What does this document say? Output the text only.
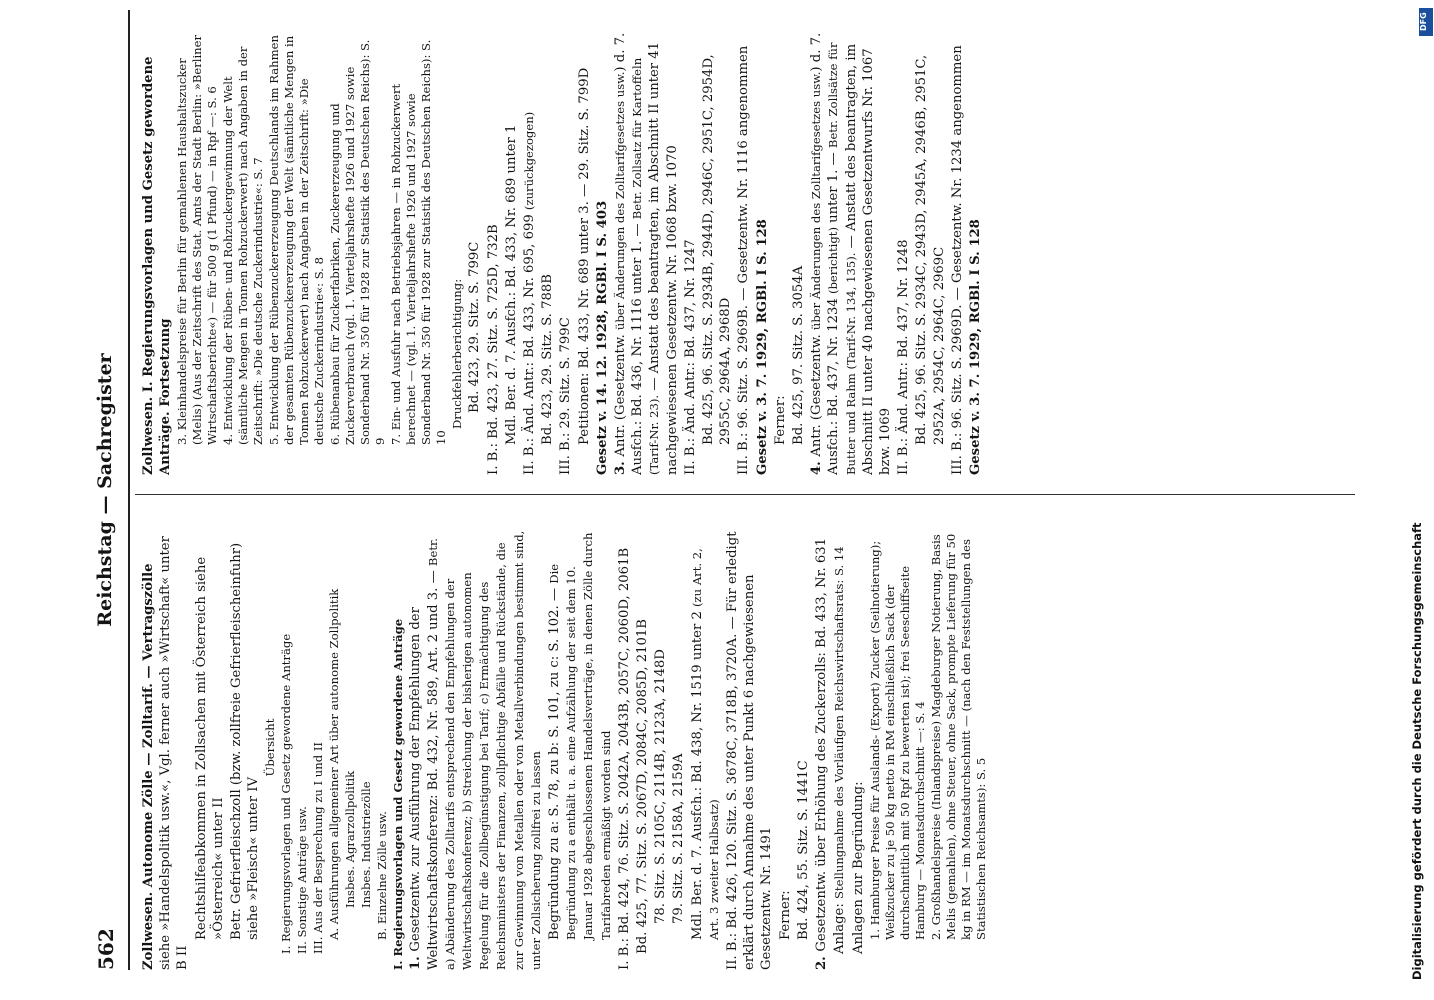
562
Reichstag — Sachregister

Zollwesen. Autonome Zölle — Zolltarif. — Vertragszölle siehe »Handelspolitik usw.«, Vgl. ferner auch »Wirtschaft« unter B II

Rechtshilfeabkommen in Zollsachen mit Österreich siehe »Österreich« unter II Betr. Gefrierfleischzoll (bzw. zollfreie Gefrierfleischeinfuhr) siehe »Fleisch« unter IV

Übersicht I. Regierungsvorlagen und Gesetz gewordene Anträge II. Sonstige Anträge usw. III. Aus der Besprechung zu I und II A. Ausführungen allgemeiner Art über autonome Zollpolitik Insbes. Agrarzollpolitik Insbes. Industriezölle B. Einzelne Zölle usw. I. Regierungsvorlagen und Gesetz gewordene Anträge 1. Gesetzentw. zur Ausführung der Empfehlungen der Weltwirtschaftskonferenz: Bd. 432, Nr. 589, Art. 2 und 3. — Betr. a) Abänderung des Zolltarifs entsprechend den Empfehlungen der Weltwirtschaftskonferenz; b) Streichung der bisherigen autonomen Regelung für die Zollbegünstigung bei Tarif; c) Ermächtigung des Reichsministers der Finanzen, zollpflichtige Abfälle und Rückstände, die zur Gewinnung von Metallen oder von Metallverbindungen bestimmt sind, unter Zollsicherung zollfrei zu lassen Begründung zu a: S. 78, zu b: S. 101, zu c: S. 102. — Die Begründung zu a enthält u. a. eine Aufzählung der seit dem 10. Januar 1928 abgeschlossenen Handelsverträge, in denen Zölle durch Tarifabreden ermäßigt worden sind I. B.: Bd. 424, 76. Sitz. S. 2042A, 2043B, 2057C, 2060D, 2061B Bd. 425, 77. Sitz. S. 2067D, 2084C, 2085D, 2101B 78. Sitz. S. 2105C, 2114B, 2123A, 2148D 79. Sitz. S. 2158A, 2159A Mdl. Ber. d. 7. Ausfch.: Bd. 438, Nr. 1519 unter 2 (zu Art. 2, Art. 3 zweiter Halbsatz) II. B.: Bd. 426, 120. Sitz. S. 3678C, 3718B, 3720A. — Für erledigt erklärt durch Annahme des unter Punkt 6 nachgewiesenen Gesetzentw. Nr. 1491 Ferner: Bd. 424, 55. Sitz. S. 1441C

2. Gesetzentw. über Erhöhung des Zuckerzolls: Bd. 433, Nr. 631 Anlage: Stellungnahme des Vorläufigen Reichswirtschaftsrats: S. 14 Anlagen zur Begründung: 1. Hamburger Preise für Auslands- (Export) Zucker (Seilnotierung); Weißzucker zu je 50 kg netto in RM einschließlich Sack (der durchschnittlich mit 50 Rpf zu bewerten ist); frei Seeschiffseite Hamburg — Monatsdurchschnitt —: S. 4 2. Großhandelspreise (Inlandspreise) Magdeburger Notierung, Basis Melis (gemahlen), ohne Steuer, ohne Sack, prompte Lieferung für 50 kg in RM — im Monatsdurchschnitt — (nach den Feststellungen des Statistischen Reichsamts): S. 5

Zollwesen. I. Regierungsvorlagen und Gesetz gewordene Anträge. Fortsetzung 3. Kleinhandelspreise für Berlin für gemahlenen Haushaltszucker (Melis) (Aus der Zeitschrift des Stat. Amts der Stadt Berlin: »Berliner Wirtschaftsberichte«) — für 500 g (1 Pfund) — in Rpf —: S. 6 4. Entwicklung der Rüben- und Rohzuckergewinnung der Welt (sämtliche Mengen in Tonnen Rohzuckerwert) nach Angaben in der Zeitschrift: »Die deutsche Zuckerindustrie«: S. 7 5. Entwicklung der Rübenzuckererzeugung Deutschlands im Rahmen der gesamten Rübenzuckererzeugung der Welt (sämtliche Mengen in Tonnen Rohzuckerwert) nach Angaben in der Zeitschrift: »Die deutsche Zuckerindustrie«: S. 8 6. Rübenanbau für Zuckerfabriken, Zuckererzeugung und Zuckerverbrauch (vgl. 1. Vierteljahrshefte 1926 und 1927 sowie Sonderband Nr. 350 für 1928 zur Statistik des Deutschen Reichs): S. 9 7. Ein- und Ausfuhr nach Betriebsjahren — in Rohzuckerwert berechnet — (vgl. 1. Vierteljahrshefte 1926 und 1927 sowie Sonderband Nr. 350 für 1928 zur Statistik des Deutschen Reichs): S. 10

Druckfehlerberichtigung: Bd. 423, 29. Sitz. S. 799C I. B.: Bd. 423, 27. Sitz. S. 725D, 732B Mdl. Ber. d. 7. Ausfch.: Bd. 433, Nr. 689 unter 1 II. B.: Änd. Antr.: Bd. 433, Nr. 695, 699 (zurückgezogen)

Bd. 423, 29. Sitz. S. 788B III. B.: 29. Sitz. S. 799C Petitionen: Bd. 433, Nr. 689 unter 3. — 29. Sitz. S. 799D Gesetz v. 14. 12. 1928, RGBl. I S. 403 3. Antr. (Gesetzentw. über Änderungen des Zolltarifgesetzes usw.) d. 7. Ausfch.: Bd. 436, Nr. 1116 unter 1. — Betr. Zollsatz für Kartoffeln (Tarif-Nr. 23). — Anstatt des beantragten, im Abschnitt II unter 41 nachgewiesenen Gesetzentw. Nr. 1068 bzw. 1070 II. B.: Änd. Antr.: Bd. 437, Nr. 1247 Bd. 425, 96. Sitz. S. 2934B, 2944D, 2946C, 2951C, 2954D, 2955C, 2964A, 2968D III. B.: 96. Sitz. S. 2969B. — Gesetzentw. Nr. 1116 angenommen Gesetz v. 3. 7. 1929, RGBl. I S. 128 Ferner: Bd. 425, 97. Sitz. S. 3054A

4. Antr. (Gesetzentw. über Änderungen des Zolltarifgesetzes usw.) d. 7. Ausfch.: Bd. 437, Nr. 1234 (berichtigt) unter 1. — Betr. Zollsätze für Butter und Rahm (Tarif-Nr. 134, 135). — Anstatt des beantragten, im Abschnitt II unter 40 nachgewiesenen Gesetzentwurfs Nr. 1067 bzw. 1069 II. B.: Änd. Antr.: Bd. 437, Nr. 1248 Bd. 425, 96. Sitz. S. 2934C, 2943D, 2945A, 2946B, 2951C, 2952A, 2954C, 2964C, 2969C III. B.: 96. Sitz. S. 2969D. — Gesetzentw. Nr. 1234 angenommen Gesetz v. 3. 7. 1929, RGBl. I S. 128

Digitalisierung gefördert durch die Deutsche Forschungsgemeinschaft
DFG
